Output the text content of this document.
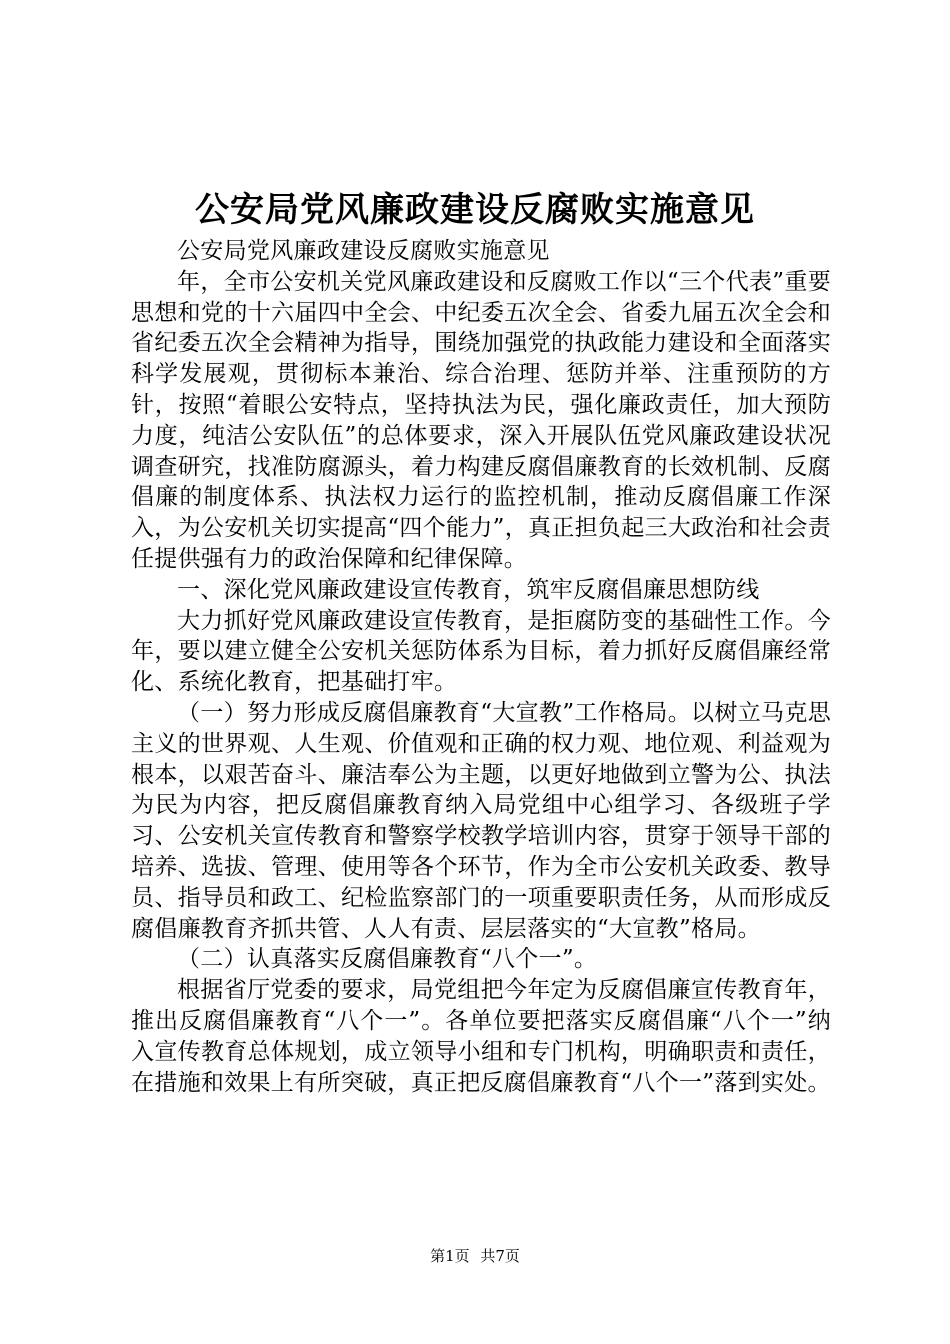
公安局党风廉政建设反腐败实施意见

公安局党风廉政建设反腐败实施意见

年，全市公安机关党风廉政建设和反腐败工作以“三个代表”重要思想和党的十六届四中全会、中纪委五次全会、省委九届五次全会和省纪委五次全会精神为指导，围绕加强党的执政能力建设和全面落实科学发展观，贯彻标本兼治、综合治理、惩防并举、注重预防的方针，按照“着眼公安特点，坚持执法为民，强化廉政责任，加大预防力度，纯洁公安队伍”的总体要求，深入开展队伍党风廉政建设状况调查研究，找准防腐源头，着力构建反腐倡廉教育的长效机制、反腐倡廉的制度体系、执法权力运行的监控机制，推动反腐倡廉工作深入，为公安机关切实提高“四个能力”，真正担负起三大政治和社会责任提供强有力的政治保障和纪律保障。

一、深化党风廉政建设宣传教育，筑牢反腐倡廉思想防线

大力抓好党风廉政建设宣传教育，是拒腐防变的基础性工作。今年，要以建立健全公安机关惩防体系为目标，着力抓好反腐倡廉经常化、系统化教育，把基础打牢。

（一）努力形成反腐倡廉教育“大宣教”工作格局。以树立马克思主义的世界观、人生观、价值观和正确的权力观、地位观、利益观为根本，以艰苦奋斗、廉洁奉公为主题，以更好地做到立警为公、执法为民为内容，把反腐倡廉教育纳入局党组中心组学习、各级班子学习、公安机关宣传教育和警察学校教学培训内容，贯穿于领导干部的培养、选拔、管理、使用等各个环节，作为全市公安机关政委、教导员、指导员和政工、纪检监察部门的一项重要职责任务，从而形成反腐倡廉教育齐抓共管、人人有责、层层落实的“大宣教”格局。

（二）认真落实反腐倡廉教育“八个一”。

根据省厅党委的要求，局党组把今年定为反腐倡廉宣传教育年，推出反腐倡廉教育“八个一”。各单位要把落实反腐倡廉“八个一”纳入宣传教育总体规划，成立领导小组和专门机构，明确职责和责任，在措施和效果上有所突破，真正把反腐倡廉教育“八个一”落到实处。

第1页 共7页
